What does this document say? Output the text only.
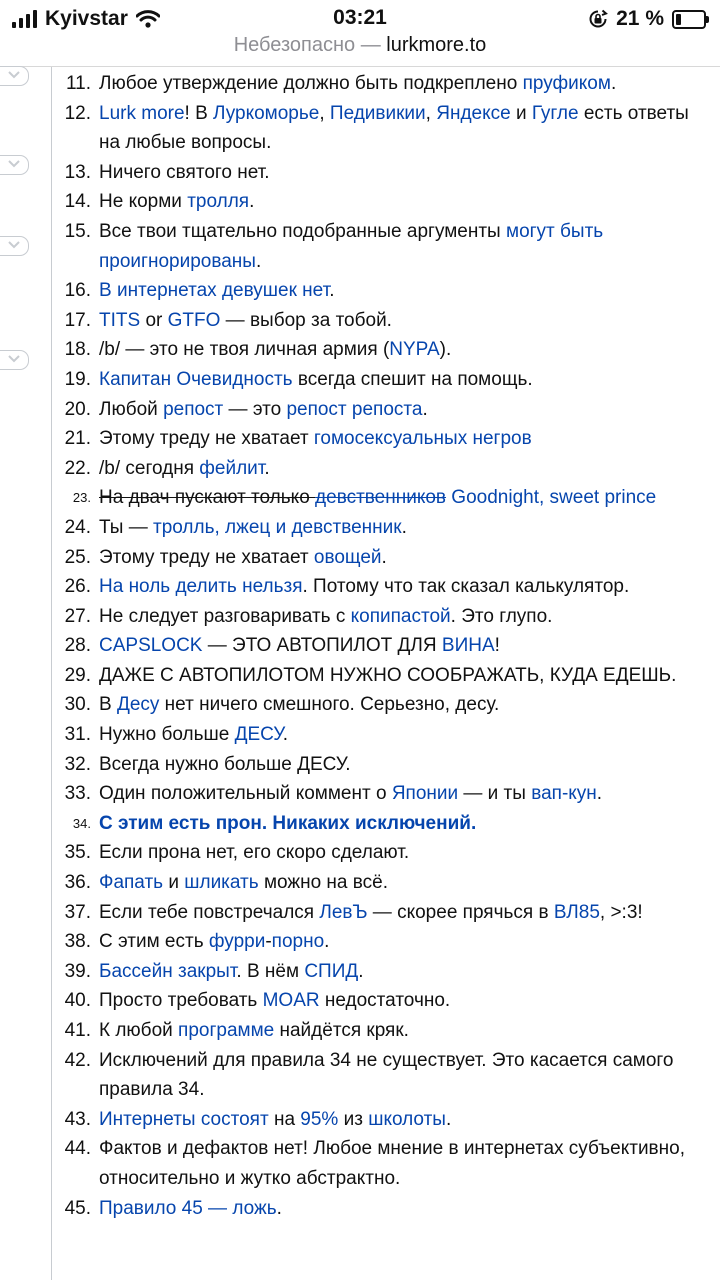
Kyivstar	03:21	21 %
Небезопасно — lurkmore.to
11. Любое утверждение должно быть подкреплено пруфиком.
12. Lurk more! В Луркоморье, Педивикии, Яндексе и Гугле есть ответы на любые вопросы.
13. Ничего святого нет.
14. Не корми тролля.
15. Все твои тщательно подобранные аргументы могут быть проигнорированы.
16. В интернетах девушек нет.
17. TITS or GTFO — выбор за тобой.
18. /b/ — это не твоя личная армия (NYPA).
19. Капитан Очевидность всегда спешит на помощь.
20. Любой репост — это репост репоста.
21. Этому треду не хватает гомосексуальных негров
22. /b/ сегодня фейлит.
23. На двач пускают только девственников Goodnight, sweet prince
24. Ты — тролль, лжец и девственник.
25. Этому треду не хватает овощей.
26. На ноль делить нельзя. Потому что так сказал калькулятор.
27. Не следует разговаривать с копипастой. Это глупо.
28. CAPSLOCK — ЭТО АВТОПИЛОТ ДЛЯ ВИНА!
29. ДАЖЕ С АВТОПИЛОТОМ НУЖНО СООБРАЖАТЬ, КУДА ЕДЕШЬ.
30. В Десу нет ничего смешного. Серьезно, десу.
31. Нужно больше ДЕСУ.
32. Всегда нужно больше ДЕСУ.
33. Один положительный коммент о Японии — и ты вап-кун.
34. С этим есть прон. Никаких исключений.
35. Если прона нет, его скоро сделают.
36. Фапать и шликать можно на всё.
37. Если тебе повстречался ЛевЪ — скорее прячься в ВЛ85, >:3!
38. С этим есть фурри-порно.
39. Бассейн закрыт. В нём СПИД.
40. Просто требовать MOAR недостаточно.
41. К любой программе найдётся кряк.
42. Исключений для правила 34 не существует. Это касается самого правила 34.
43. Интернеты состоят на 95% из школоты.
44. Фактов и дефактов нет! Любое мнение в интернетах субъективно, относительно и жутко абстрактно.
45. Правило 45 — ложь.
